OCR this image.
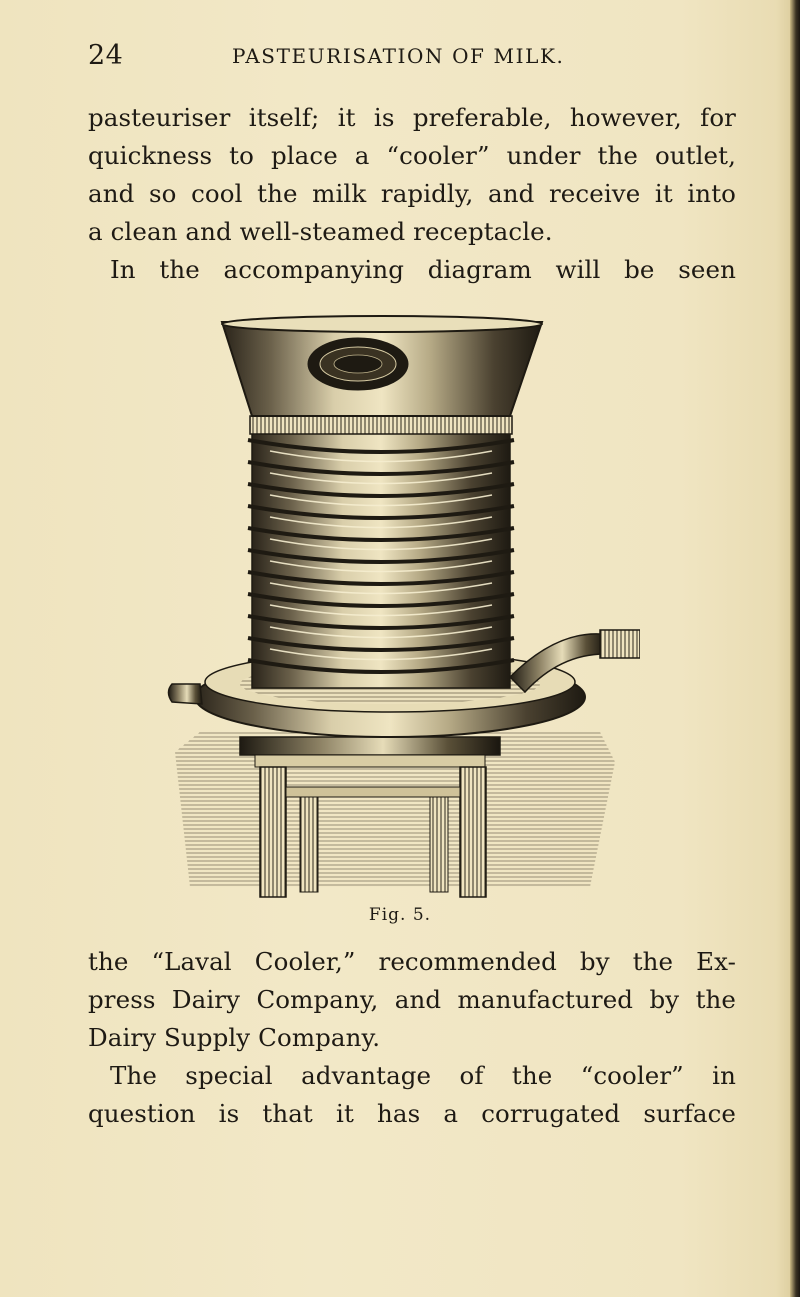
24	PASTEURISATION OF MILK.

pasteuriser itself; it is preferable, however, for

quickness to place a “cooler” under the outlet,

and so cool the milk rapidly, and receive it into

a clean and well-steamed receptacle.

In the accompanying diagram will be seen

Fig. 5.

the “Laval Cooler,” recommended by the Ex-

press Dairy Company, and manufactured by the

Dairy Supply Company.

The special advantage of the “cooler” in

question is that it has a corrugated surface
